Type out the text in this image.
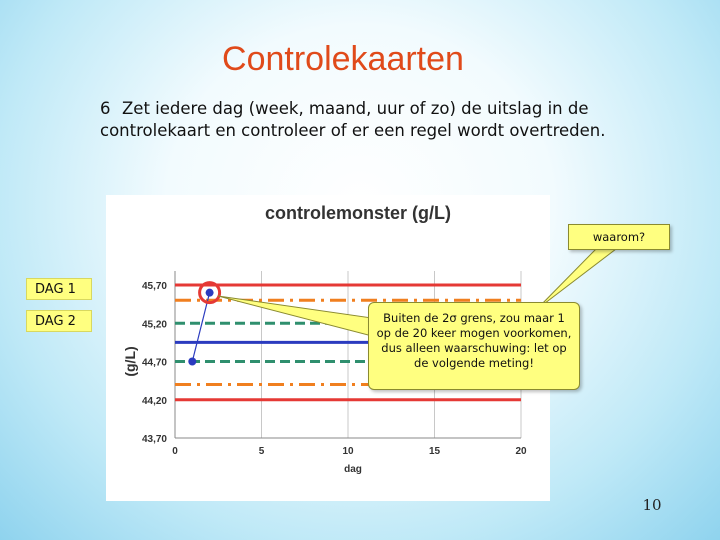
Controlekaarten
6 Zet iedere dag (week, maand, uur of zo) de uitslag in de controlekaart en controleer of er een regel wordt overtreden.
45,70
45,20
44,70
44,20
43,70
0	5	10	15	20
dag
(g/L)
controlemonster (g/L)
DAG 1
DAG 2
waarom?
Buiten de 2σ grens, zou maar 1 op de 20 keer mogen voorkomen, dus alleen waarschuwing: let op de volgende meting!
10
